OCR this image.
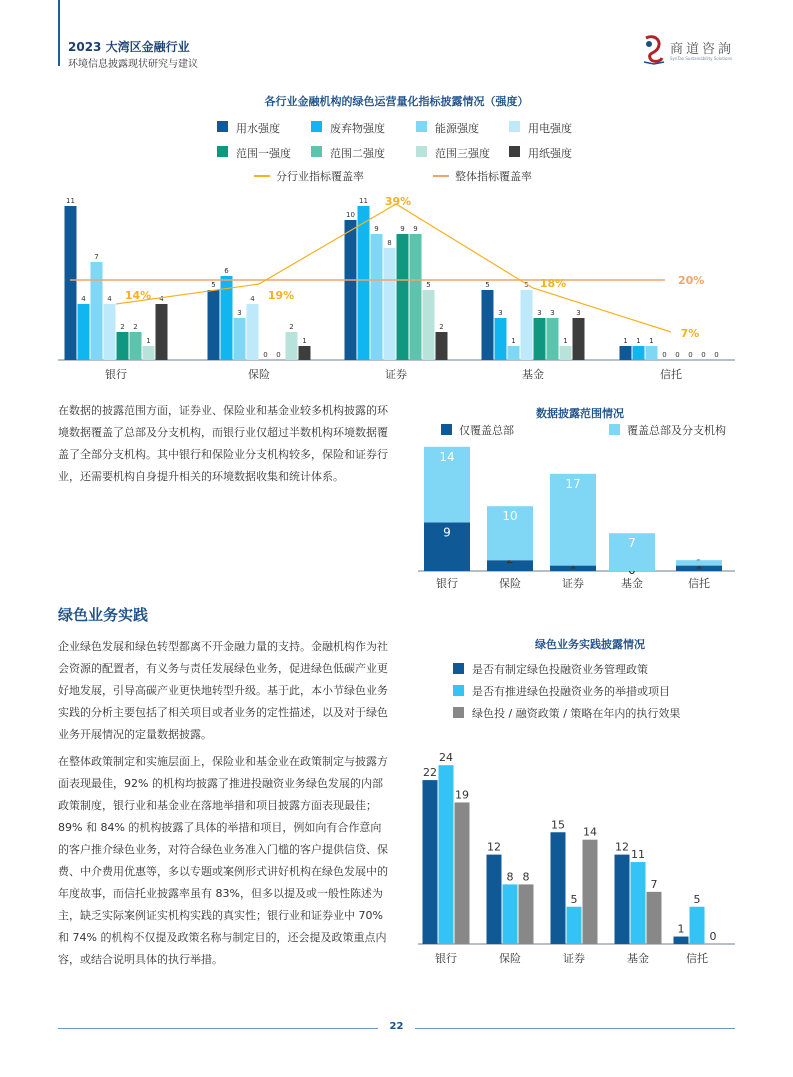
2023 大湾区金融行业
环境信息披露现状研究与建议
商道咨詢
SynTao Sustainability Solutions
各行业金融机构的绿色运营量化指标披露情况（强度）
用水强度	废弃物强度	能源强度	用电强度
范围一强度	范围二强度	范围三强度	用纸强度
分行业指标覆盖率	整体指标覆盖率
11
4
7
4
2 2
1
4
银行
5
6
3
4
0 0
2
1
保险
10
11
9
8
9 9
5
2
证券
5
3
1
5
3 3
1
3
基金
1 1 1
0 0 0 0 0
信托
20%
14%	19%
39%
18%
7%
在数据的披露范围方面，证券业、保险业和基金业较多机构披露的环境数据覆盖了总部及分支机构，而银行业仅超过半数机构环境数据覆盖了全部分支机构。其中银行和保险业分支机构较多，保险和证券行业，还需要机构自身提升相关的环境数据收集和统计体系。
数据披露范围情况
仅覆盖总部	覆盖总部及分支机构
9
14
银行
10
保险
17
证券
7
基金
1
信托
绿色业务实践
企业绿色发展和绿色转型都离不开金融力量的支持。金融机构作为社会资源的配置者，有义务与责任发展绿色业务，促进绿色低碳产业更好地发展，引导高碳产业更快地转型升级。基于此，本小节绿色业务实践的分析主要包括了相关项目或者业务的定性描述，以及对于绿色业务开展情况的定量数据披露。
在整体政策制定和实施层面上，保险业和基金业在政策制定与披露方面表现最佳，92% 的机构均披露了推进投融资业务绿色发展的内部政策制度，银行业和基金业在落地举措和项目披露方面表现最佳；89% 和 84% 的机构披露了具体的举措和项目，例如向有合作意向的客户推介绿色业务，对符合绿色业务准入门槛的客户提供信贷、保费、中介费用优惠等，多以专题或案例形式讲好机构在绿色发展中的年度故事，而信托业披露率虽有 83%，但多以提及或一般性陈述为主，缺乏实际案例证实机构实践的真实性；银行业和证券业中 70% 和 74% 的机构不仅提及政策名称与制定目的，还会提及政策重点内容，或结合说明具体的执行举措。
绿色业务实践披露情况
是否有制定绿色投融资业务管理政策
是否有推进绿色投融资业务的举措或项目
绿色投 / 融资政策 / 策略在年内的执行效果
22
24
19
银行
12
8 8
保险
15
5
14
证券
12
11
7
基金
1
5
0
信托
22
